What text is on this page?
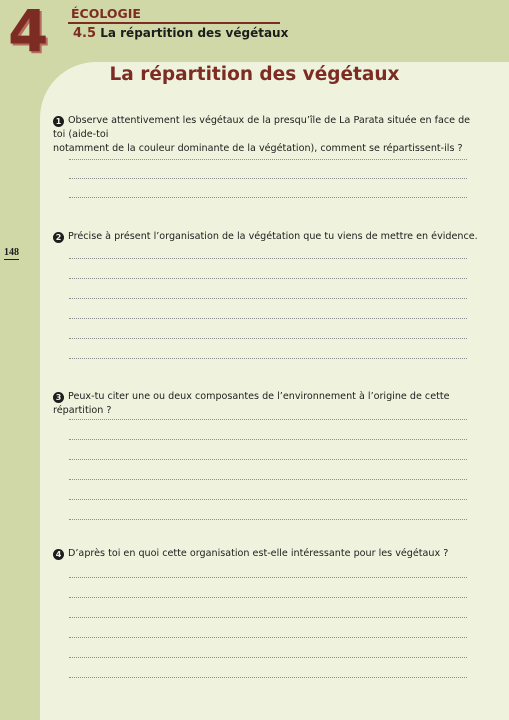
4 ÉCOLOGIE
4.5 La répartition des végétaux
148
La répartition des végétaux
1 Observe attentivement les végétaux de la presqu’île de La Parata située en face de toi (aide-toi
notamment de la couleur dominante de la végétation), comment se répartissent-ils ?
2 Précise à présent l’organisation de la végétation que tu viens de mettre en évidence.
3 Peux-tu citer une ou deux composantes de l’environnement à l’origine de cette répartition ?
4 D’après toi en quoi cette organisation est-elle intéressante pour les végétaux ?
